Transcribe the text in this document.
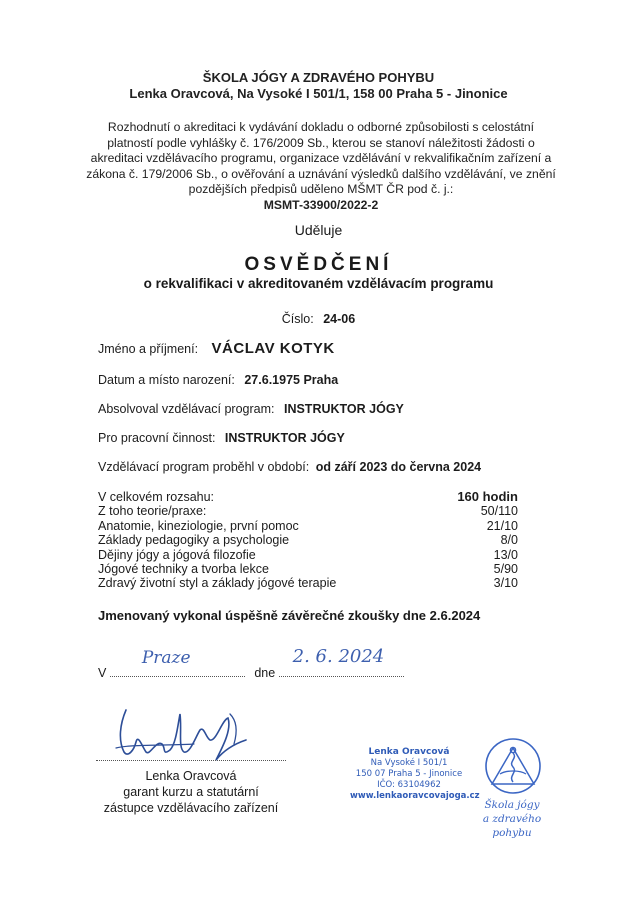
ŠKOLA JÓGY A ZDRAVÉHO POHYBU
Lenka Oravcová, Na Vysoké I 501/1, 158 00 Praha 5 - Jinonice
Rozhodnutí o akreditaci k vydávání dokladu o odborné způsobilosti s celostátní platností podle vyhlášky č. 176/2009 Sb., kterou se stanoví náležitosti žádosti o akreditaci vzdělávacího programu, organizace vzdělávání v rekvalifikačním zařízení a zákona č. 179/2006 Sb., o ověřování a uznávání výsledků dalšího vzdělávání, ve znění pozdějších předpisů uděleno MŠMT ČR pod č. j.:
MSMT-33900/2022-2
Uděluje
OSVĚDČENÍ
o rekvalifikaci v akreditovaném vzdělávacím programu
Číslo: 24-06
Jméno a příjmení: VÁCLAV KOTYK
Datum a místo narození: 27.6.1975 Praha
Absolvoval vzdělávací program: INSTRUKTOR JÓGY
Pro pracovní činnost: INSTRUKTOR JÓGY
Vzdělávací program proběhl v období: od září 2023 do června 2024
V celkovém rozsahu:	160 hodin
Z toho teorie/praxe:	50/110
Anatomie, kineziologie, první pomoc	21/10
Základy pedagogiky a psychologie	8/0
Dějiny jógy a jógová filozofie	13/0
Jógové techniky a tvorba lekce	5/90
Zdravý životní styl a základy jógové terapie	3/10
Jmenovaný vykonal úspěšně závěrečné zkoušky dne 2.6.2024
V
Praze
dne
2. 6. 2024
Lenka Oravcová
garant kurzu a statutární
zástupce vzdělávacího zařízení
Lenka Oravcová
Na Vysoké I 501/1
150 07 Praha 5 - Jinonice
IČO: 63104962
www.lenkaoravcovajoga.cz
Škola jógy
a zdravého pohybu
